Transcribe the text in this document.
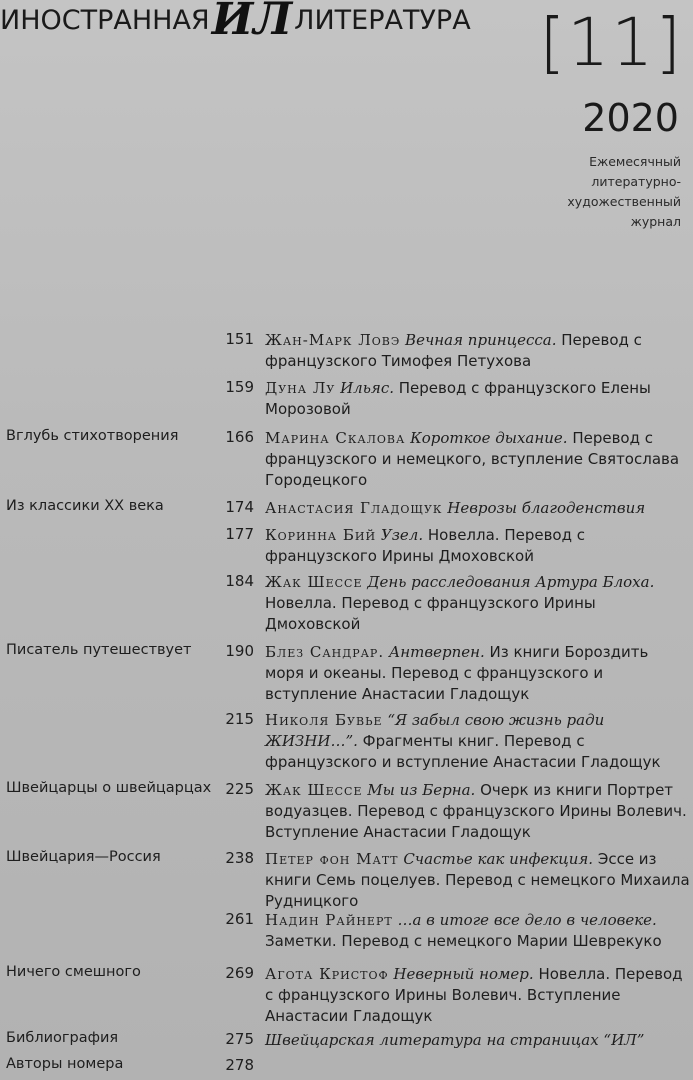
ИНОСТРАННАЯ ИЛ ЛИТЕРАТУРА [11]
2020
Ежемесячный
литературно-
художественный
журнал
151 Жан-Марк Ловэ Вечная принцесса. Перевод с французского Тимофея Петухова
159 Дуна Лу Ильяс. Перевод с французского Елены Морозовой
Вглубь стихотворения	166 Марина Скалова Короткое дыхание. Перевод с французского и немецкого, вступление Святослава Городецкого
Из классики ХХ века	174 Анастасия Гладощук Неврозы благоденствия
177 Коринна Бий Узел. Новелла. Перевод с французского Ирины Дмоховской
184 Жак Шессе День расследования Артура Блоха. Новелла. Перевод с французского Ирины Дмоховской
Писатель путешествует	190 Блез Сандрар. Антверпен. Из книги Бороздить моря и океаны. Перевод с французского и вступление Анастасии Гладощук
215 Николя Бувье “Я забыл свою жизнь ради ЖИЗНИ…”. Фрагменты книг. Перевод с французского и вступление Анастасии Гладощук
Швейцарцы о швейцарцах 225 Жак Шессе Мы из Берна. Очерк из книги Портрет водуазцев. Перевод с французского Ирины Волевич. Вступление Анастасии Гладощук
Швейцария—Россия	238 Петер фон Матт Счастье как инфекция. Эссе из книги Семь поцелуев. Перевод с немецкого Михаила Рудницкого
261 Надин Райнерт …а в итоге все дело в человеке. Заметки. Перевод с немецкого Марии Шеврекуко
Ничего смешного	269 Агота Кристоф Неверный номер. Новелла. Перевод с французского Ирины Волевич. Вступление Анастасии Гладощук
Библиография	275 Швейцарская литература на страницах “ИЛ”
Авторы номера	278
